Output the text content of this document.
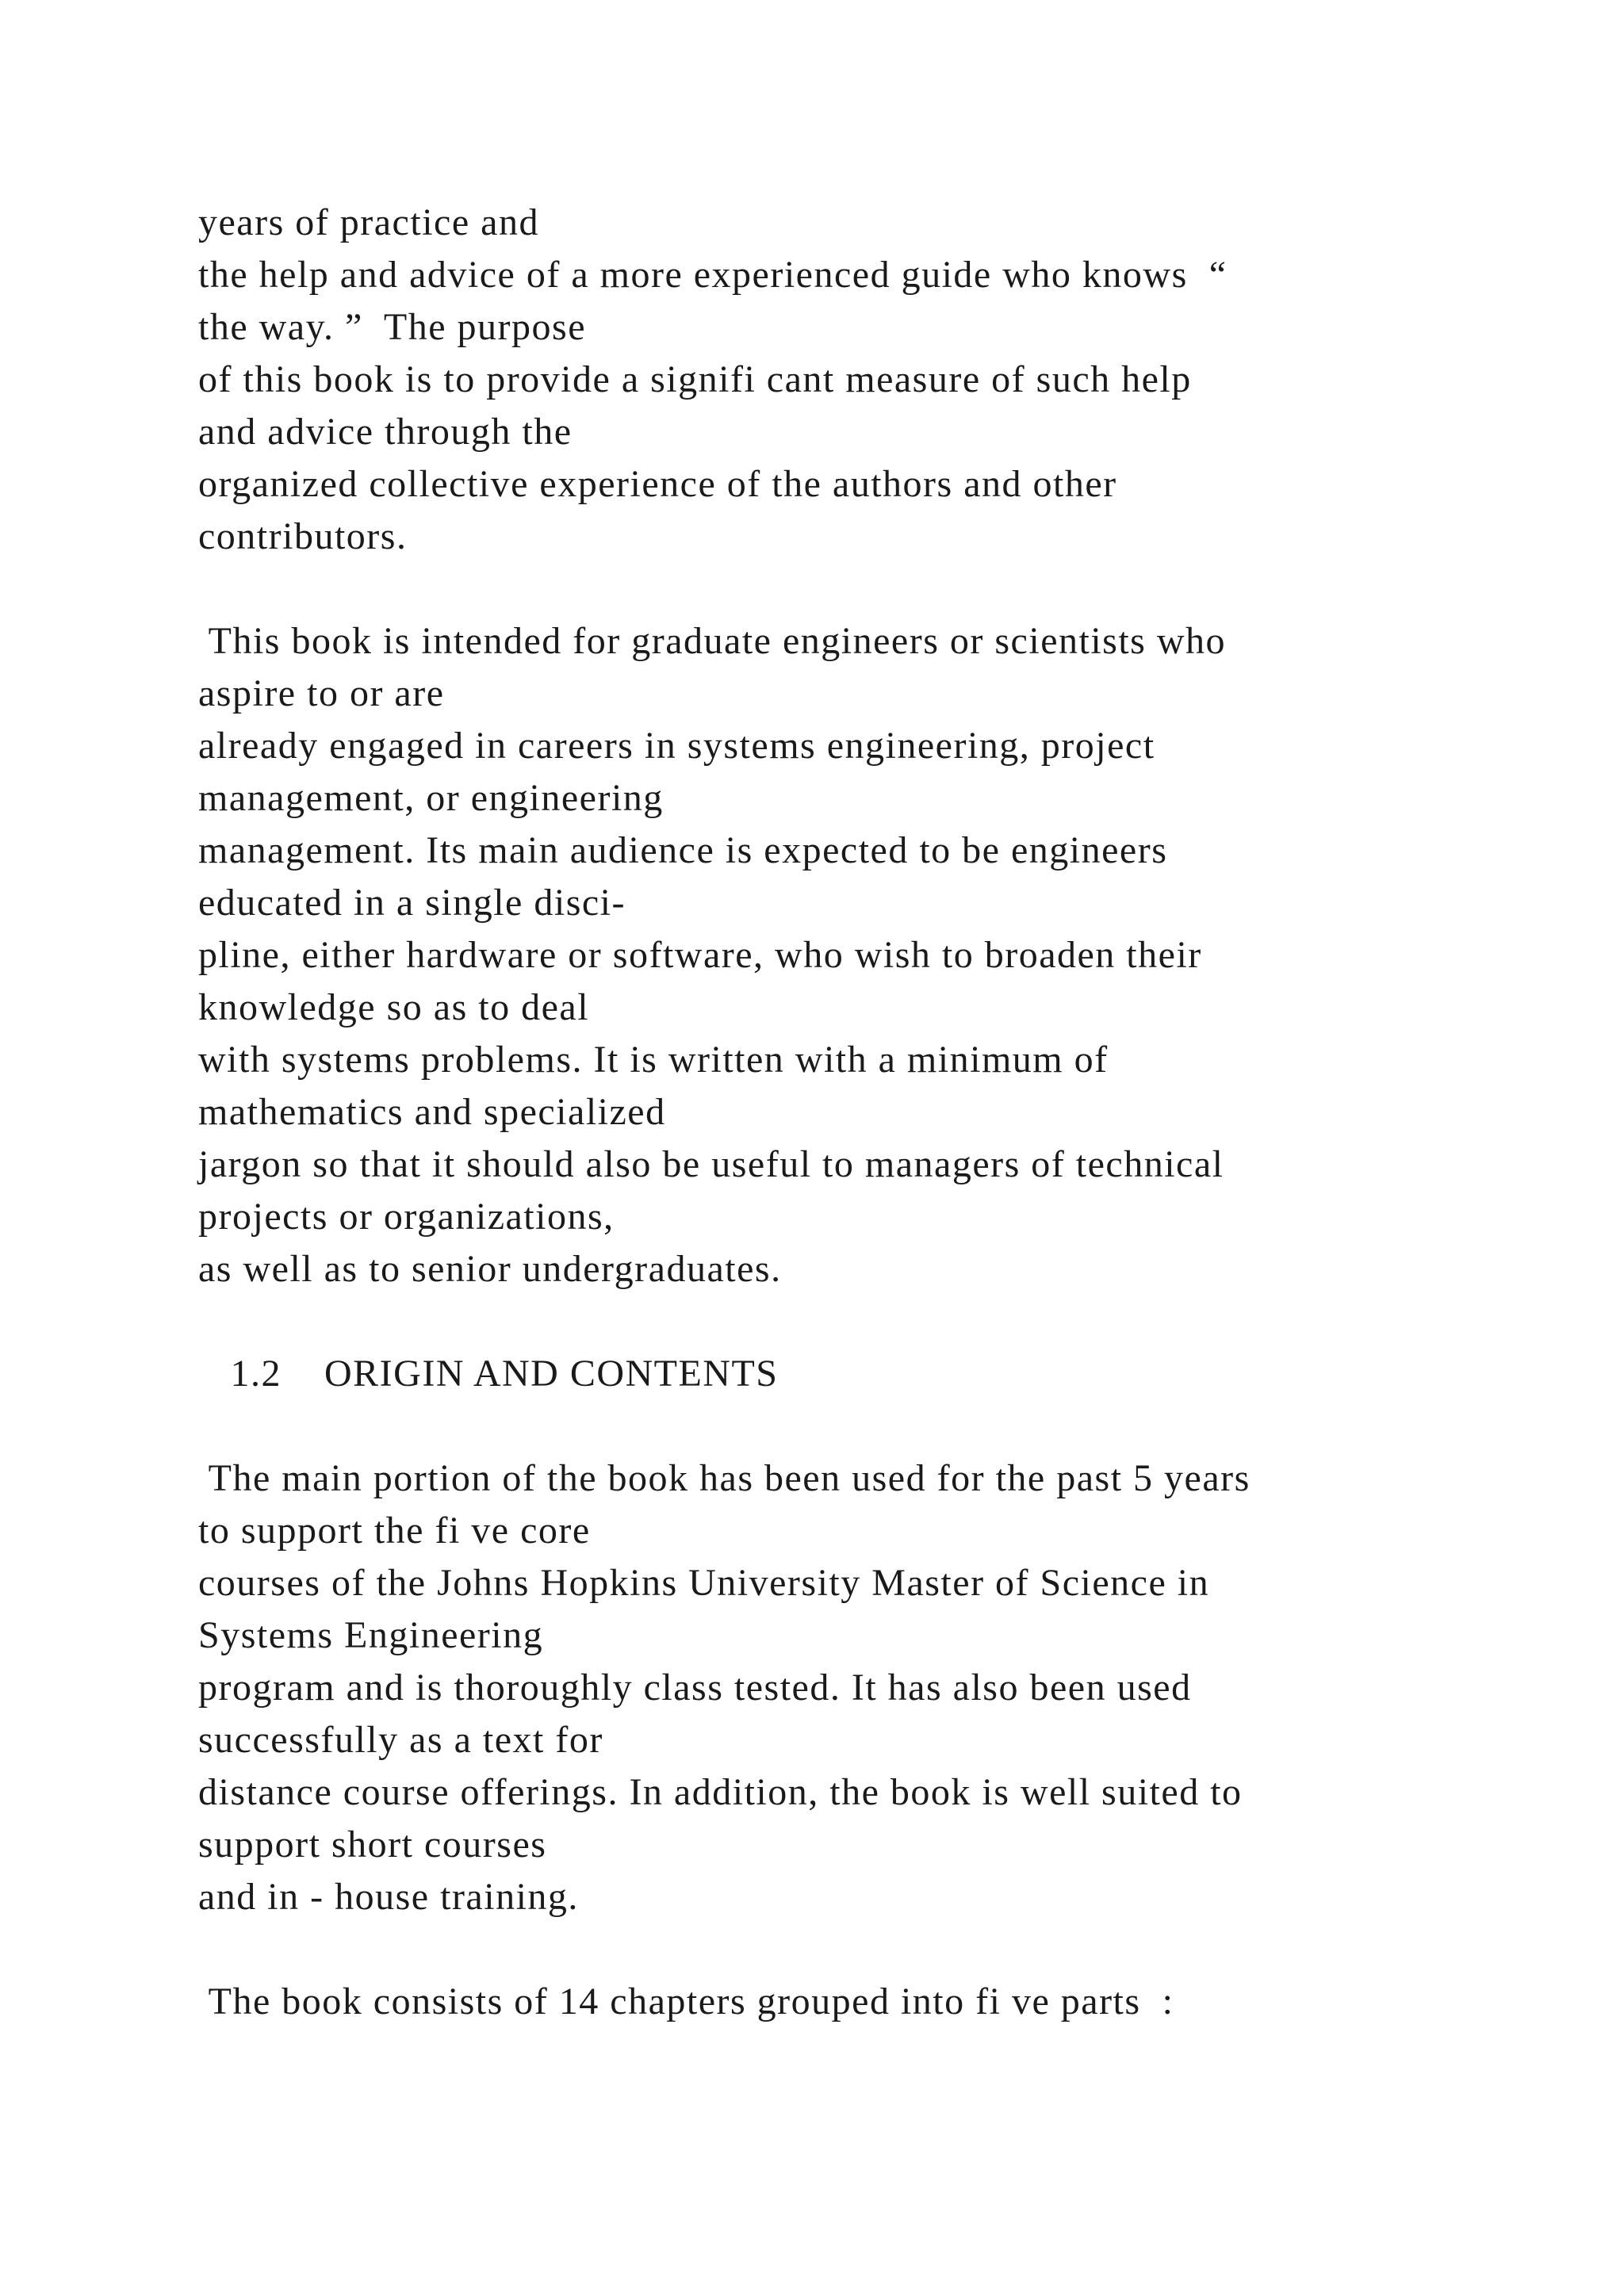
years of practice and
the help and advice of a more experienced guide who knows  “
the way. ”  The purpose
of this book is to provide a signifi cant measure of such help
and advice through the
organized collective experience of the authors and other
contributors.
This book is intended for graduate engineers or scientists who
aspire to or are
already engaged in careers in systems engineering, project
management, or engineering
management. Its main audience is expected to be engineers
educated in a single disci-
pline, either hardware or software, who wish to broaden their
knowledge so as to deal
with systems problems. It is written with a minimum of
mathematics and specialized
jargon so that it should also be useful to managers of technical
projects or organizations,
as well as to senior undergraduates.
1.2    ORIGIN AND CONTENTS
The main portion of the book has been used for the past 5 years
to support the fi ve core
courses of the Johns Hopkins University Master of Science in
Systems Engineering
program and is thoroughly class tested. It has also been used
successfully as a text for
distance course offerings. In addition, the book is well suited to
support short courses
and in - house training.
The book consists of 14 chapters grouped into fi ve parts  :
